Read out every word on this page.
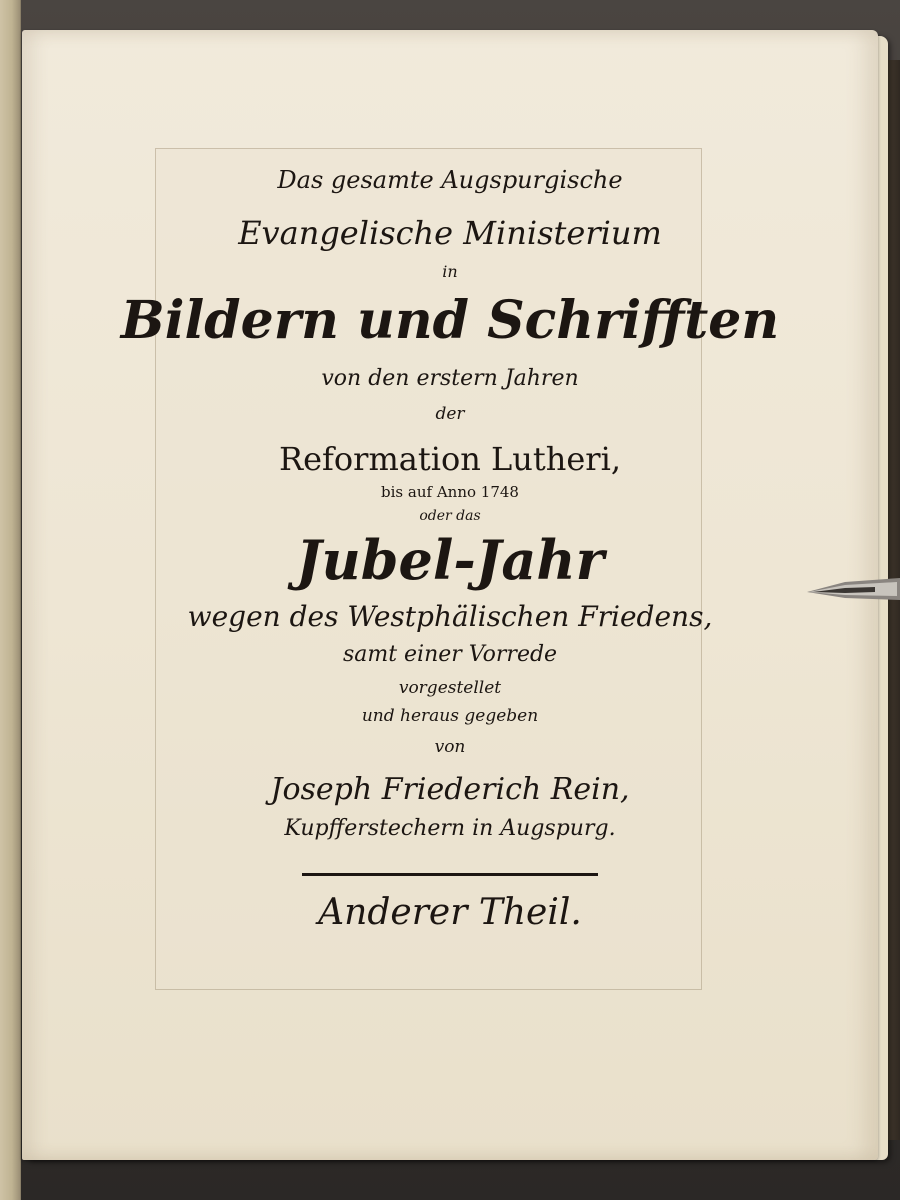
Das gesamte Augspurgische
Evangelische Ministerium
in
Bildern und Schrifften
von den erstern Jahren
der
Reformation Lutheri,
bis auf Anno 1748
oder das
Jubel-Jahr
wegen des Westphälischen Friedens,
samt einer Vorrede
vorgestellet
und heraus gegeben
von
Joseph Friederich Rein,
Kupfferstechern in Augspurg.
Anderer Theil.
